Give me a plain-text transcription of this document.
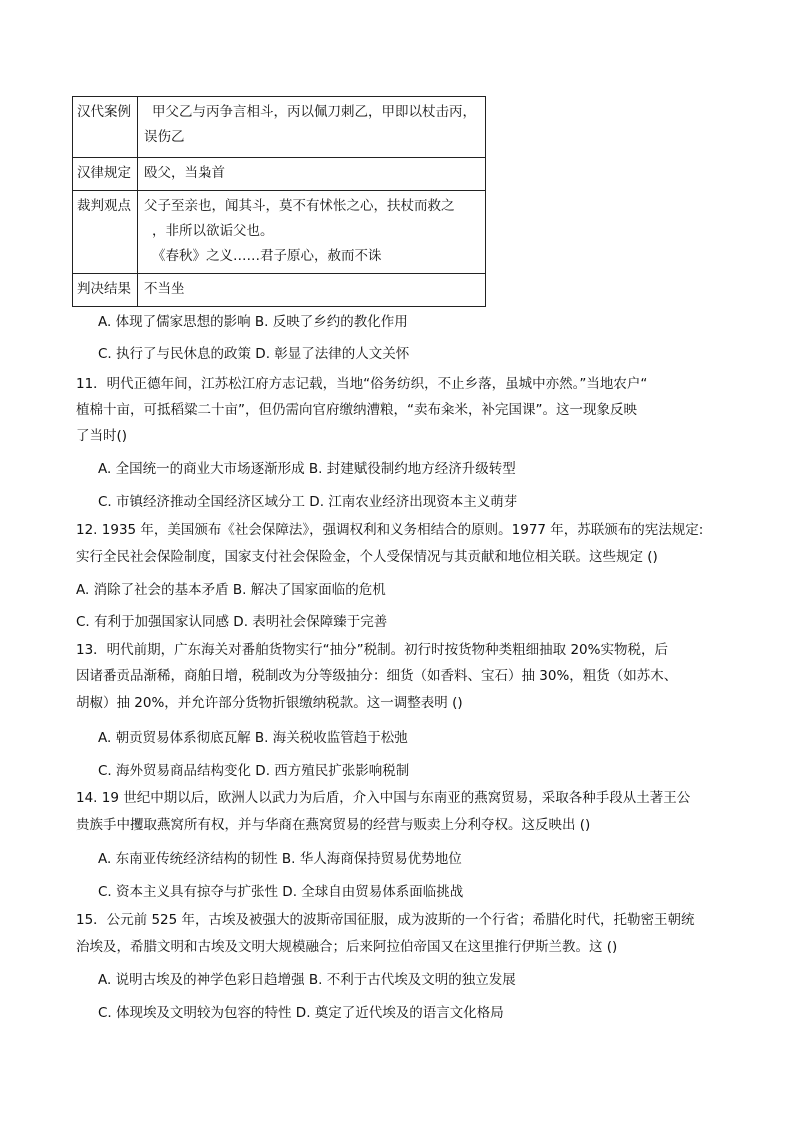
汉代案例	甲父乙与丙争言相斗，丙以佩刀刺乙，甲即以杖击丙，
误伤乙

汉律规定	殴父，当枭首

裁判观点	父子至亲也，闻其斗，莫不有怵怅之心，扶杖而救之
，非所以欲诟父也。
《春秋》之义……君子原心，赦而不诛

判决结果	不当坐
A. 体现了儒家思想的影响 B. 反映了乡约的教化作用
C. 执行了与民休息的政策 D. 彰显了法律的人文关怀
11．明代正德年间，江苏松江府方志记载，当地“俗务纺织，不止乡落，虽城中亦然。”当地农户“
植棉十亩，可抵稻粱二十亩”，但仍需向官府缴纳漕粮，“卖布籴米，补完国课”。这一现象反映
了当时()
A. 全国统一的商业大市场逐渐形成 B. 封建赋役制约地方经济升级转型
C. 市镇经济推动全国经济区域分工 D. 江南农业经济出现资本主义萌芽
12. 1935 年，美国颁布《社会保障法》，强调权利和义务相结合的原则。1977 年，苏联颁布的宪法规定:
实行全民社会保险制度，国家支付社会保险金，个人受保情况与其贡献和地位相关联。这些规定 ()
A. 消除了社会的基本矛盾 B. 解决了国家面临的危机
C. 有利于加强国家认同感 D. 表明社会保障臻于完善
13．明代前期，广东海关对番舶货物实行“抽分”税制。初行时按货物种类粗细抽取 20%实物税，后
因诸番贡品渐稀，商舶日增，税制改为分等级抽分：细货（如香料、宝石）抽 30%，粗货（如苏木、
胡椒）抽 20%，并允许部分货物折银缴纳税款。这一调整表明 ()
A. 朝贡贸易体系彻底瓦解 B. 海关税收监管趋于松弛
C. 海外贸易商品结构变化 D. 西方殖民扩张影响税制
14. 19 世纪中期以后，欧洲人以武力为后盾，介入中国与东南亚的燕窝贸易，采取各种手段从土著王公
贵族手中攫取燕窝所有权，并与华商在燕窝贸易的经营与贩卖上分利夺权。这反映出 ()
A. 东南亚传统经济结构的韧性 B. 华人海商保持贸易优势地位
C. 资本主义具有掠夺与扩张性 D. 全球自由贸易体系面临挑战
15．公元前 525 年，古埃及被强大的波斯帝国征服，成为波斯的一个行省；希腊化时代，托勒密王朝统
治埃及，希腊文明和古埃及文明大规模融合；后来阿拉伯帝国又在这里推行伊斯兰教。这 ()
A. 说明古埃及的神学色彩日趋增强 B. 不利于古代埃及文明的独立发展
C. 体现埃及文明较为包容的特性 D. 奠定了近代埃及的语言文化格局
